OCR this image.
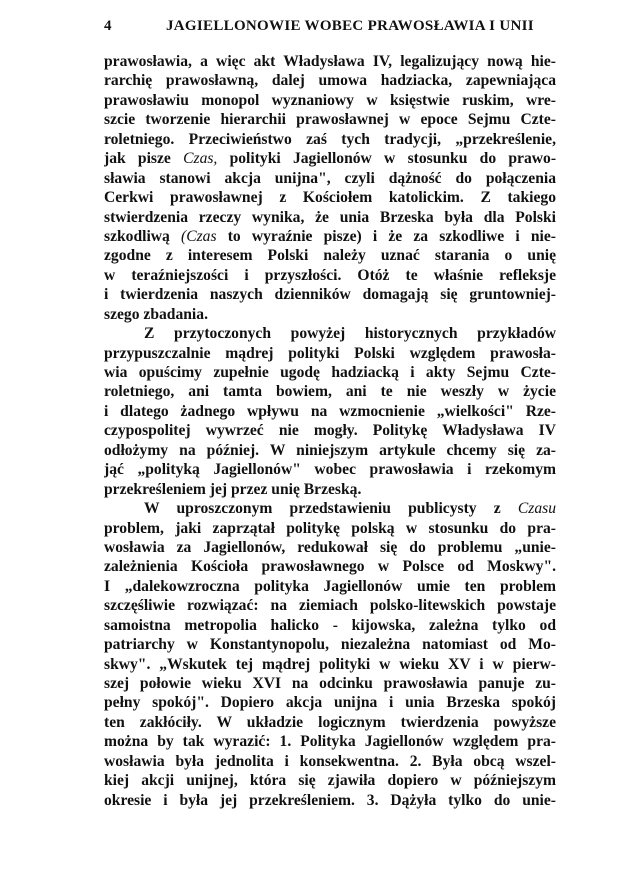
4	JAGIELLONOWIE WOBEC PRAWOSŁAWIA I UNII
prawosławia, a więc akt Władysława IV, legalizujący nową hie-
rarchię prawosławną, dalej umowa hadziacka, zapewniająca
prawosławiu monopol wyznaniowy w księstwie ruskim, wre-
szcie tworzenie hierarchii prawosławnej w epoce Sejmu Czte-
roletniego. Przeciwieństwo zaś tych tradycji, „przekreślenie,
jak pisze Czas, polityki Jagiellonów w stosunku do prawo-
sławia stanowi akcja unijna", czyli dążność do połączenia
Cerkwi prawosławnej z Kościołem katolickim. Z takiego
stwierdzenia rzeczy wynika, że unia Brzeska była dla Polski
szkodliwą (Czas to wyraźnie pisze) i że za szkodliwe i nie-
zgodne z interesem Polski należy uznać starania o unię
w teraźniejszości i przyszłości. Otóż te właśnie refleksje
i twierdzenia naszych dzienników domagają się gruntowniej-
szego zbadania.
Z przytoczonych powyżej historycznych przykładów
przypuszczalnie mądrej polityki Polski względem prawosła-
wia opuścimy zupełnie ugodę hadziacką i akty Sejmu Czte-
roletniego, ani tamta bowiem, ani te nie weszły w życie
i dlatego żadnego wpływu na wzmocnienie „wielkości" Rze-
czypospolitej wywrzeć nie mogły. Politykę Władysława IV
odłożymy na później. W niniejszym artykule chcemy się za-
jąć „polityką Jagiellonów" wobec prawosławia i rzekomym
przekreśleniem jej przez unię Brzeską.
W uproszczonym przedstawieniu publicysty z Czasu
problem, jaki zaprzątał politykę polską w stosunku do pra-
wosławia za Jagiellonów, redukował się do problemu „unie-
zależnienia Kościoła prawosławnego w Polsce od Moskwy".
I „dalekowzroczna polityka Jagiellonów umie ten problem
szczęśliwie rozwiązać: na ziemiach polsko-litewskich powstaje
samoistna metropolia halicko - kijowska, zależna tylko od
patriarchy w Konstantynopolu, niezależna natomiast od Mo-
skwy". „Wskutek tej mądrej polityki w wieku XV i w pierw-
szej połowie wieku XVI na odcinku prawosławia panuje zu-
pełny spokój". Dopiero akcja unijna i unia Brzeska spokój
ten zakłóciły. W układzie logicznym twierdzenia powyższe
można by tak wyrazić: 1. Polityka Jagiellonów względem pra-
wosławia była jednolita i konsekwentna. 2. Była obcą wszel-
kiej akcji unijnej, która się zjawiła dopiero w późniejszym
okresie i była jej przekreśleniem. 3. Dążyła tylko do unie-
